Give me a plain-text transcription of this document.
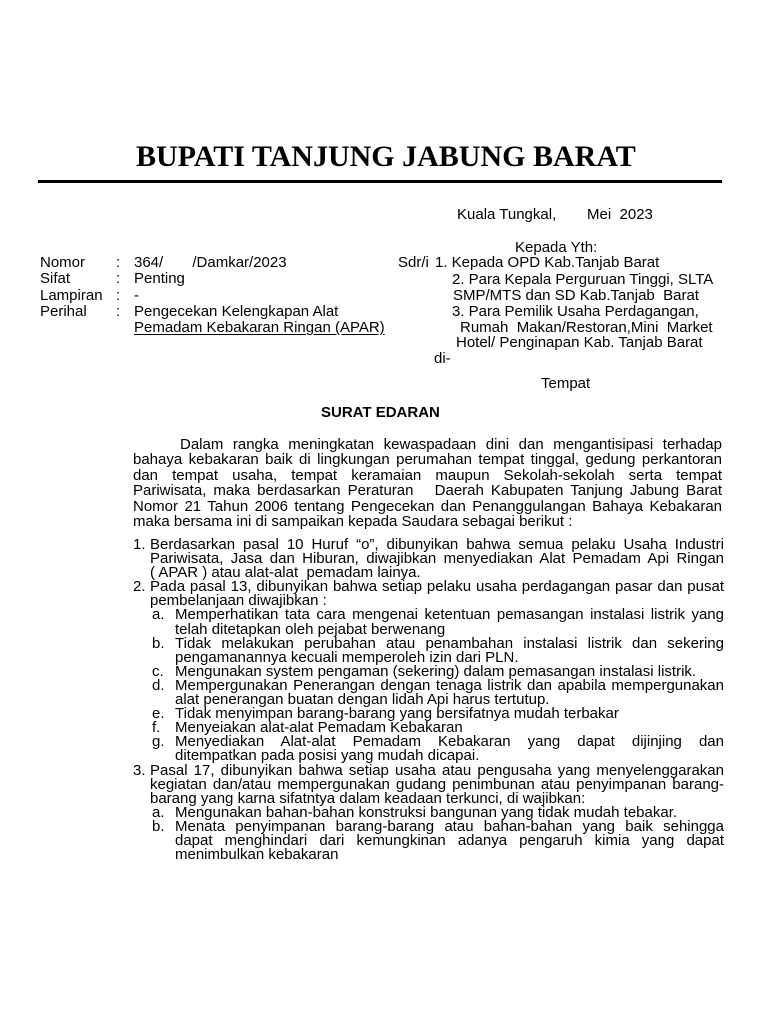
BUPATI TANJUNG JABUNG BARAT
Kuala Tungkal, Mei  2023
Kepada Yth:
Nomor	: 364/       /Damkar/2023
Sifat	: Penting
Lampiran : -
Perihal	: Pengecekan Kelengkapan Alat
Pemadam Kebakaran Ringan (APAR)
Sdr/i 1. Kepada OPD Kab.Tanjab Barat
2. Para Kepala Perguruan Tinggi, SLTA
SMP/MTS dan SD Kab.Tanjab  Barat
3. Para Pemilik Usaha Perdagangan,
Rumah  Makan/Restoran,Mini  Market
Hotel/ Penginapan Kab. Tanjab Barat
di-
Tempat
SURAT EDARAN
Dalam rangka meningkatan kewaspadaan dini dan mengantisipasi terhadap
bahaya kebakaran baik di lingkungan perumahan tempat tinggal, gedung perkantoran
dan tempat usaha, tempat keramaian maupun Sekolah-sekolah serta tempat
Pariwisata, maka berdasarkan Peraturan   Daerah Kabupaten Tanjung Jabung Barat
Nomor 21 Tahun 2006 tentang Pengecekan dan Penanggulangan Bahaya Kebakaran
maka bersama ini di sampaikan kepada Saudara sebagai berikut :
1. Berdasarkan pasal 10 Huruf “o”, dibunyikan bahwa semua pelaku Usaha Industri
Pariwisata, Jasa dan Hiburan, diwajibkan menyediakan Alat Pemadam Api Ringan
( APAR ) atau alat-alat  pemadam lainya.
2. Pada pasal 13, dibunyikan bahwa setiap pelaku usaha perdagangan pasar dan pusat
pembelanjaan diwajibkan :
a. Memperhatikan tata cara mengenai ketentuan pemasangan instalasi listrik yang
telah ditetapkan oleh pejabat berwenang
b. Tidak melakukan perubahan atau penambahan instalasi listrik dan sekering
pengamanannya kecuali memperoleh izin dari PLN.
c. Mengunakan system pengaman (sekering) dalam pemasangan instalasi listrik.
d. Mempergunakan Penerangan dengan tenaga listrik dan apabila mempergunakan
alat penerangan buatan dengan lidah Api harus tertutup.
e. Tidak menyimpan barang-barang yang bersifatnya mudah terbakar
f. Menyeiakan alat-alat Pemadam Kebakaran
g. Menyediakan Alat-alat Pemadam Kebakaran yang dapat dijinjing dan
ditempatkan pada posisi yang mudah dicapai.
3. Pasal 17, dibunyikan bahwa setiap usaha atau pengusaha yang menyelenggarakan
kegiatan dan/atau mempergunakan gudang penimbunan atau penyimpanan barang-
barang yang karna sifatntya dalam keadaan terkunci, di wajibkan:
a. Mengunakan bahan-bahan konstruksi bangunan yang tidak mudah tebakar.
b. Menata penyimpanan barang-barang atau bahan-bahan yang baik sehingga
dapat menghindari dari kemungkinan adanya pengaruh kimia yang dapat
menimbulkan kebakaran
